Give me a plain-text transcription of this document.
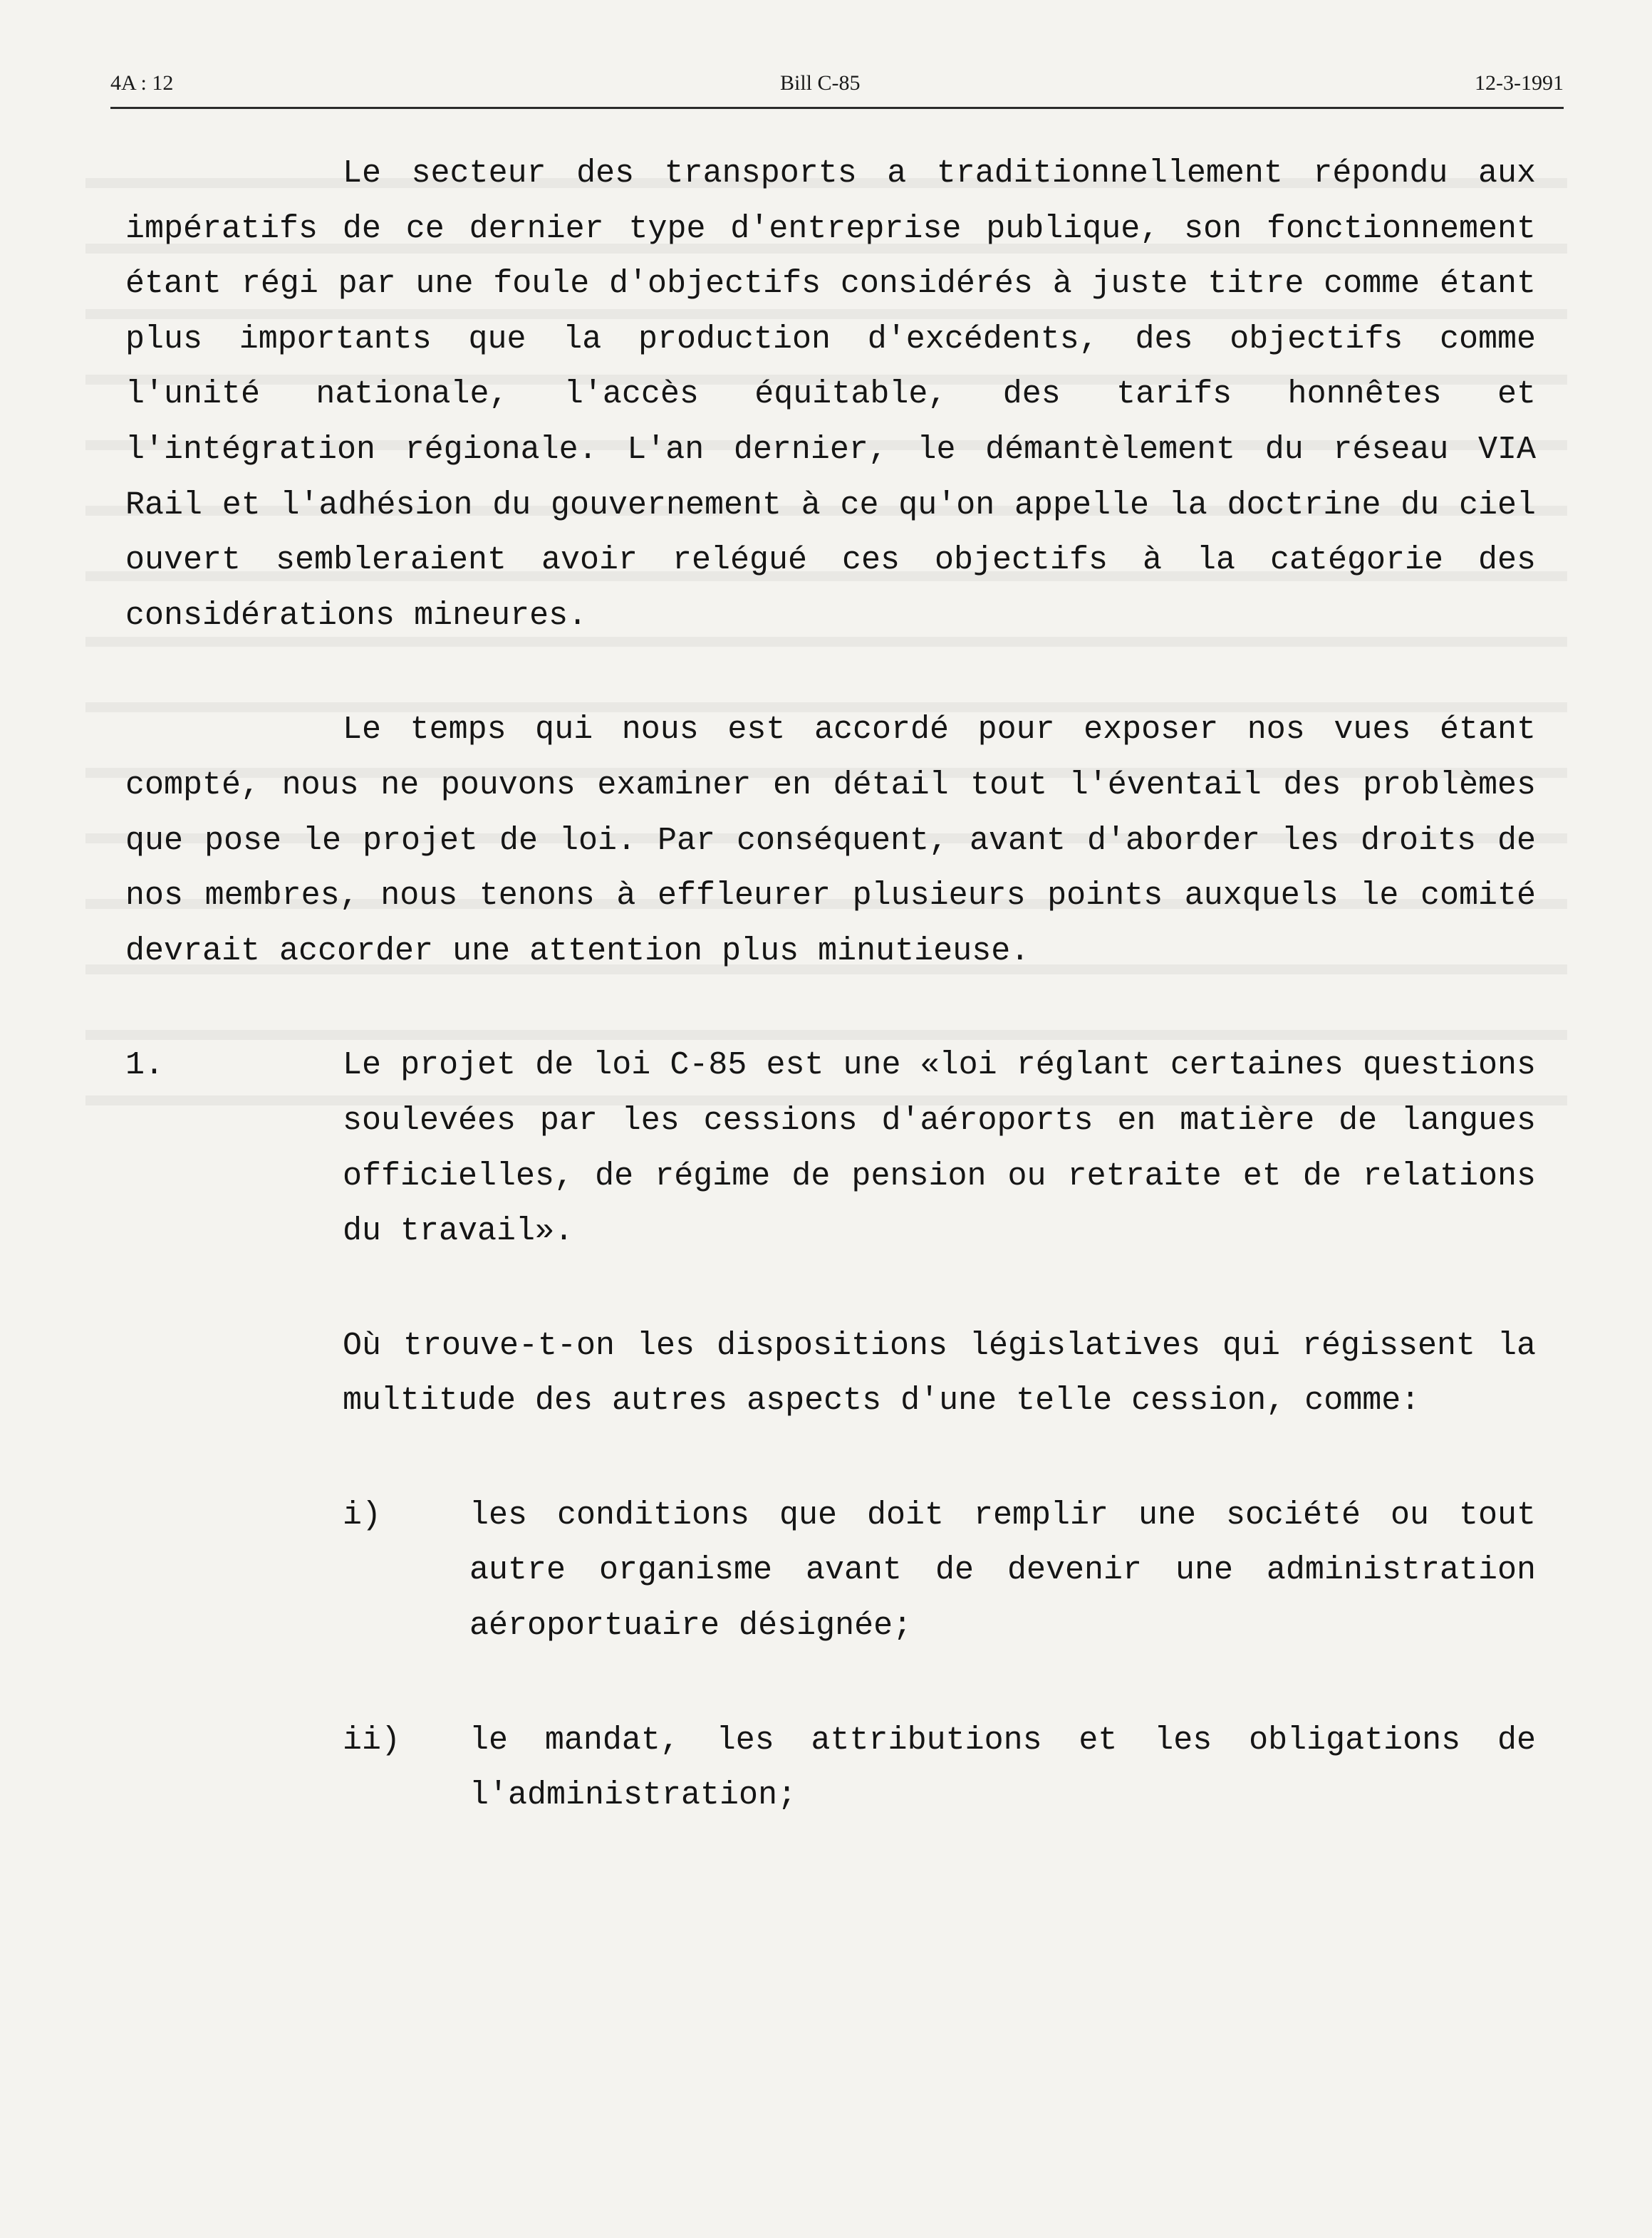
4A : 12	Bill C-85	12-3-1991

Le secteur des transports a traditionnellement répondu aux impératifs de ce dernier type d'entreprise publique, son fonctionnement étant régi par une foule d'objectifs considérés à juste titre comme étant plus importants que la production d'excédents, des objectifs comme l'unité nationale, l'accès équitable, des tarifs honnêtes et l'intégration régionale. L'an dernier, le démantèlement du réseau VIA Rail et l'adhésion du gouvernement à ce qu'on appelle la doctrine du ciel ouvert sembleraient avoir relégué ces objectifs à la catégorie des considérations mineures.

Le temps qui nous est accordé pour exposer nos vues étant compté, nous ne pouvons examiner en détail tout l'éventail des problèmes que pose le projet de loi. Par conséquent, avant d'aborder les droits de nos membres, nous tenons à effleurer plusieurs points auxquels le comité devrait accorder une attention plus minutieuse.

1.	Le projet de loi C-85 est une «loi réglant certaines questions soulevées par les cessions d'aéroports en matière de langues officielles, de régime de pension ou retraite et de relations du travail».
Où trouve-t-on les dispositions législatives qui régissent la multitude des autres aspects d'une telle cession, comme:
i)	les conditions que doit remplir une société ou tout autre organisme avant de devenir une administration aéroportuaire désignée;
ii) le mandat, les attributions et les obligations de l'administration;
